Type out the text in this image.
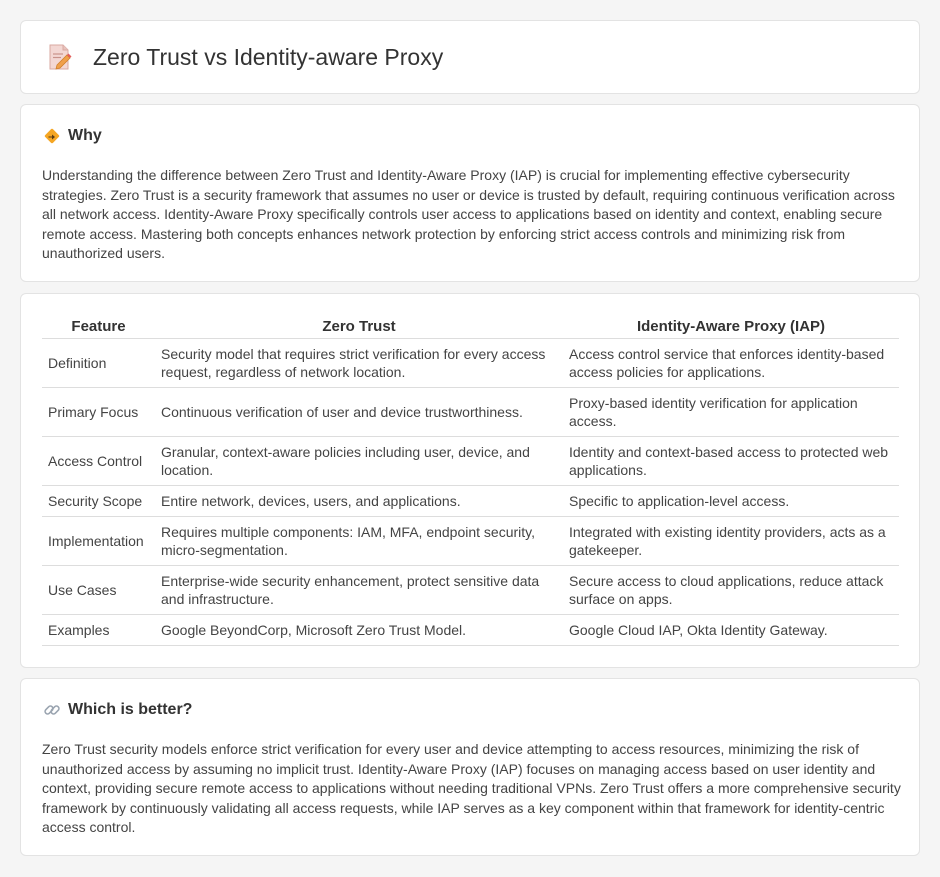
Zero Trust vs Identity-aware Proxy
Why

Understanding the difference between Zero Trust and Identity-Aware Proxy (IAP) is crucial for implementing effective cybersecurity strategies. Zero Trust is a security framework that assumes no user or device is trusted by default, requiring continuous verification across all network access. Identity-Aware Proxy specifically controls user access to applications based on identity and context, enabling secure remote access. Mastering both concepts enhances network protection by enforcing strict access controls and minimizing risk from unauthorized users.

Feature	Zero Trust	Identity-Aware Proxy (IAP)
Definition	Security model that requires strict verification for every access request, regardless of network location.	Access control service that enforces identity-based access policies for applications.
Primary Focus	Continuous verification of user and device trustworthiness.	Proxy-based identity verification for application access.
Access Control	Granular, context-aware policies including user, device, and location.	Identity and context-based access to protected web applications.
Security Scope	Entire network, devices, users, and applications.	Specific to application-level access.
Implementation	Requires multiple components: IAM, MFA, endpoint security, micro-segmentation.	Integrated with existing identity providers, acts as a gatekeeper.
Use Cases	Enterprise-wide security enhancement, protect sensitive data and infrastructure.	Secure access to cloud applications, reduce attack surface on apps.
Examples	Google BeyondCorp, Microsoft Zero Trust Model.	Google Cloud IAP, Okta Identity Gateway.
Which is better?

Zero Trust security models enforce strict verification for every user and device attempting to access resources, minimizing the risk of unauthorized access by assuming no implicit trust. Identity-Aware Proxy (IAP) focuses on managing access based on user identity and context, providing secure remote access to applications without needing traditional VPNs. Zero Trust offers a more comprehensive security framework by continuously validating all access requests, while IAP serves as a key component within that framework for identity-centric access control.
